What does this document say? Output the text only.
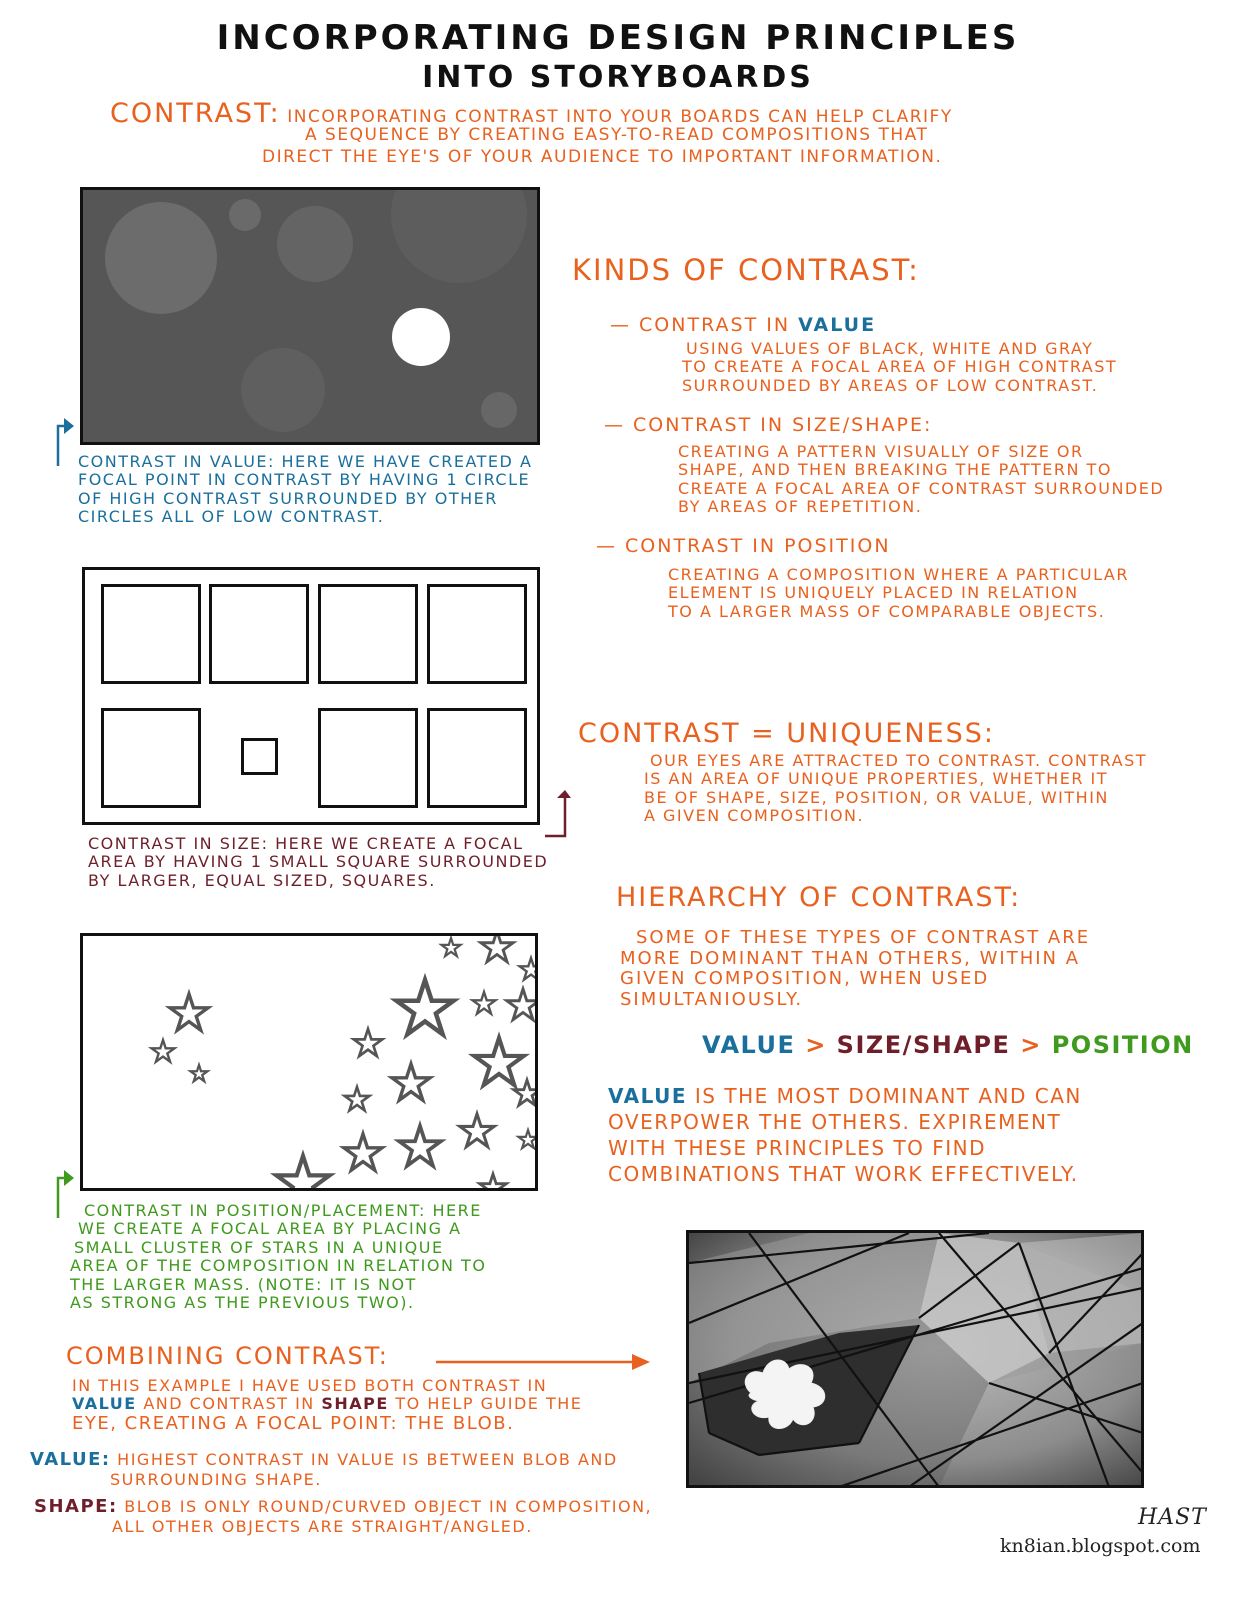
INCORPORATING DESIGN PRINCIPLES
INTO STORYBOARDS
CONTRAST: INCORPORATING CONTRAST INTO YOUR BOARDS CAN HELP CLARIFY
A SEQUENCE BY CREATING EASY-TO-READ COMPOSITIONS THAT
DIRECT THE EYE'S OF YOUR AUDIENCE TO IMPORTANT INFORMATION.
CONTRAST IN VALUE: HERE WE HAVE CREATED A
FOCAL POINT IN CONTRAST BY HAVING 1 CIRCLE
OF HIGH CONTRAST SURROUNDED BY OTHER
CIRCLES ALL OF LOW CONTRAST.
CONTRAST IN SIZE: HERE WE CREATE A FOCAL
AREA BY HAVING 1 SMALL SQUARE SURROUNDED
BY LARGER, EQUAL SIZED, SQUARES.
CONTRAST IN POSITION/PLACEMENT: HERE
WE CREATE A FOCAL AREA BY PLACING A
SMALL CLUSTER OF STARS IN A UNIQUE
AREA OF THE COMPOSITION IN RELATION TO
THE LARGER MASS. (NOTE: IT IS NOT
AS STRONG AS THE PREVIOUS TWO).
KINDS OF CONTRAST:
— CONTRAST IN VALUE
USING VALUES OF BLACK, WHITE AND GRAY
TO CREATE A FOCAL AREA OF HIGH CONTRAST
SURROUNDED BY AREAS OF LOW CONTRAST.
— CONTRAST IN SIZE/SHAPE:
CREATING A PATTERN VISUALLY OF SIZE OR
SHAPE, AND THEN BREAKING THE PATTERN TO
CREATE A FOCAL AREA OF CONTRAST SURROUNDED
BY AREAS OF REPETITION.
— CONTRAST IN POSITION
CREATING A COMPOSITION WHERE A PARTICULAR
ELEMENT IS UNIQUELY PLACED IN RELATION
TO A LARGER MASS OF COMPARABLE OBJECTS.
CONTRAST = UNIQUENESS:
OUR EYES ARE ATTRACTED TO CONTRAST. CONTRAST
IS AN AREA OF UNIQUE PROPERTIES, WHETHER IT
BE OF SHAPE, SIZE, POSITION, OR VALUE, WITHIN
A GIVEN COMPOSITION.
HIERARCHY OF CONTRAST:
SOME OF THESE TYPES OF CONTRAST ARE
MORE DOMINANT THAN OTHERS, WITHIN A
GIVEN COMPOSITION, WHEN USED
SIMULTANIOUSLY.
VALUE > SIZE/SHAPE > POSITION
VALUE IS THE MOST DOMINANT AND CAN
OVERPOWER THE OTHERS. EXPIREMENT
WITH THESE PRINCIPLES TO FIND
COMBINATIONS THAT WORK EFFECTIVELY.
COMBINING CONTRAST:
IN THIS EXAMPLE I HAVE USED BOTH CONTRAST IN
VALUE AND CONTRAST IN SHAPE TO HELP GUIDE THE
EYE, CREATING A FOCAL POINT: THE BLOB.
VALUE: HIGHEST CONTRAST IN VALUE IS BETWEEN BLOB AND
SURROUNDING SHAPE.
SHAPE: BLOB IS ONLY ROUND/CURVED OBJECT IN COMPOSITION,
ALL OTHER OBJECTS ARE STRAIGHT/ANGLED.	HAST
kn8ian.blogspot.com
